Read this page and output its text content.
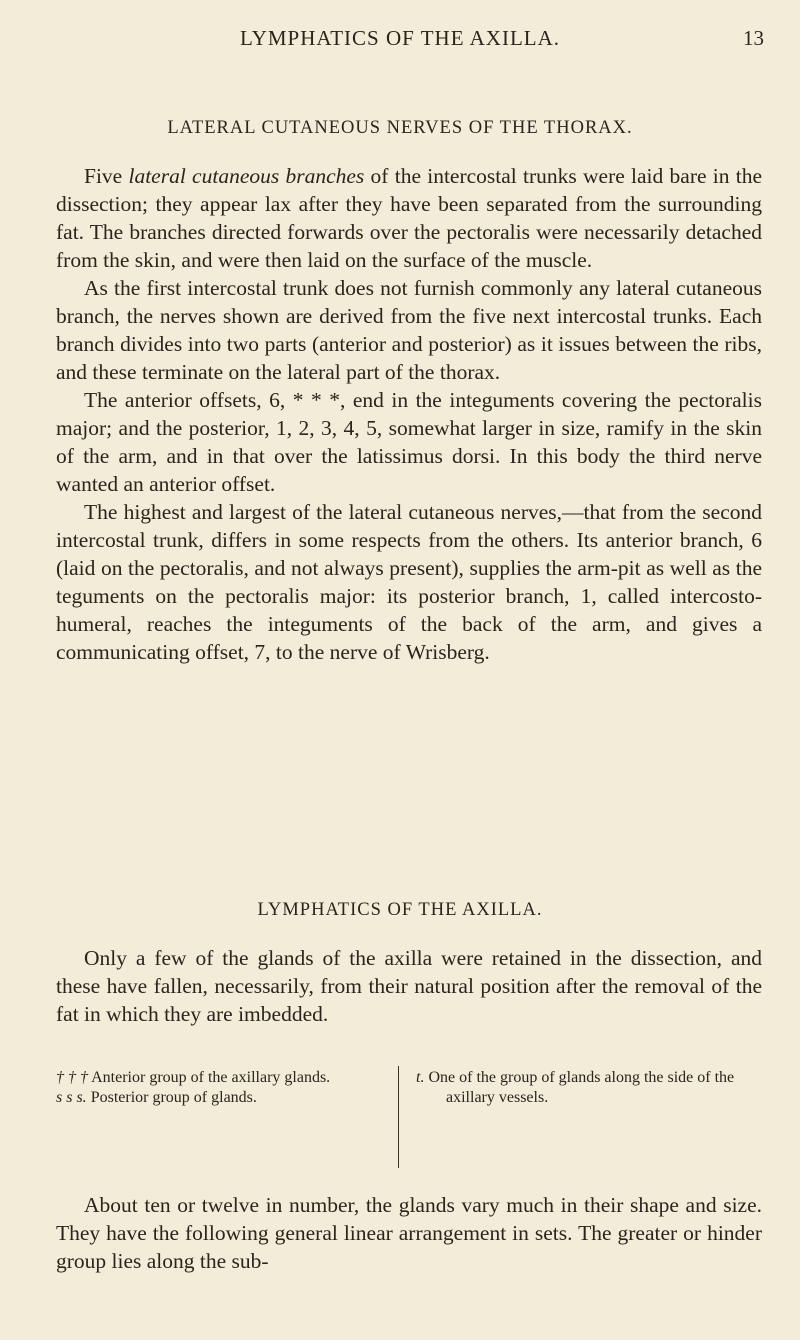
LYMPHATICS OF THE AXILLA.	13
LATERAL CUTANEOUS NERVES OF THE THORAX.

Five lateral cutaneous branches of the intercostal trunks were laid bare in the dissection; they appear lax after they have been separated from the surrounding fat. The branches directed forwards over the pectoralis were necessarily detached from the skin, and were then laid on the surface of the muscle.

As the first intercostal trunk does not furnish commonly any lateral cutaneous branch, the nerves shown are derived from the five next intercostal trunks. Each branch divides into two parts (anterior and posterior) as it issues between the ribs, and these terminate on the lateral part of the thorax.

The anterior offsets, 6, * * *, end in the integuments covering the pectoralis major; and the posterior, 1, 2, 3, 4, 5, somewhat larger in size, ramify in the skin of the arm, and in that over the latissimus dorsi. In this body the third nerve wanted an anterior offset.

The highest and largest of the lateral cutaneous nerves,—that from the second intercostal trunk, differs in some respects from the others. Its anterior branch, 6 (laid on the pectoralis, and not always present), supplies the arm-pit as well as the teguments on the pectoralis major: its posterior branch, 1, called intercosto-humeral, reaches the integuments of the back of the arm, and gives a communicating offset, 7, to the nerve of Wrisberg.

LYMPHATICS OF THE AXILLA.

Only a few of the glands of the axilla were retained in the dissection, and these have fallen, necessarily, from their natural position after the removal of the fat in which they are imbedded.

† † † Anterior group of the axillary glands.

s s s. Posterior group of glands.

t. One of the group of glands along the side of the axillary vessels.

About ten or twelve in number, the glands vary much in their shape and size. They have the following general linear arrangement in sets. The greater or hinder group lies along the sub-
